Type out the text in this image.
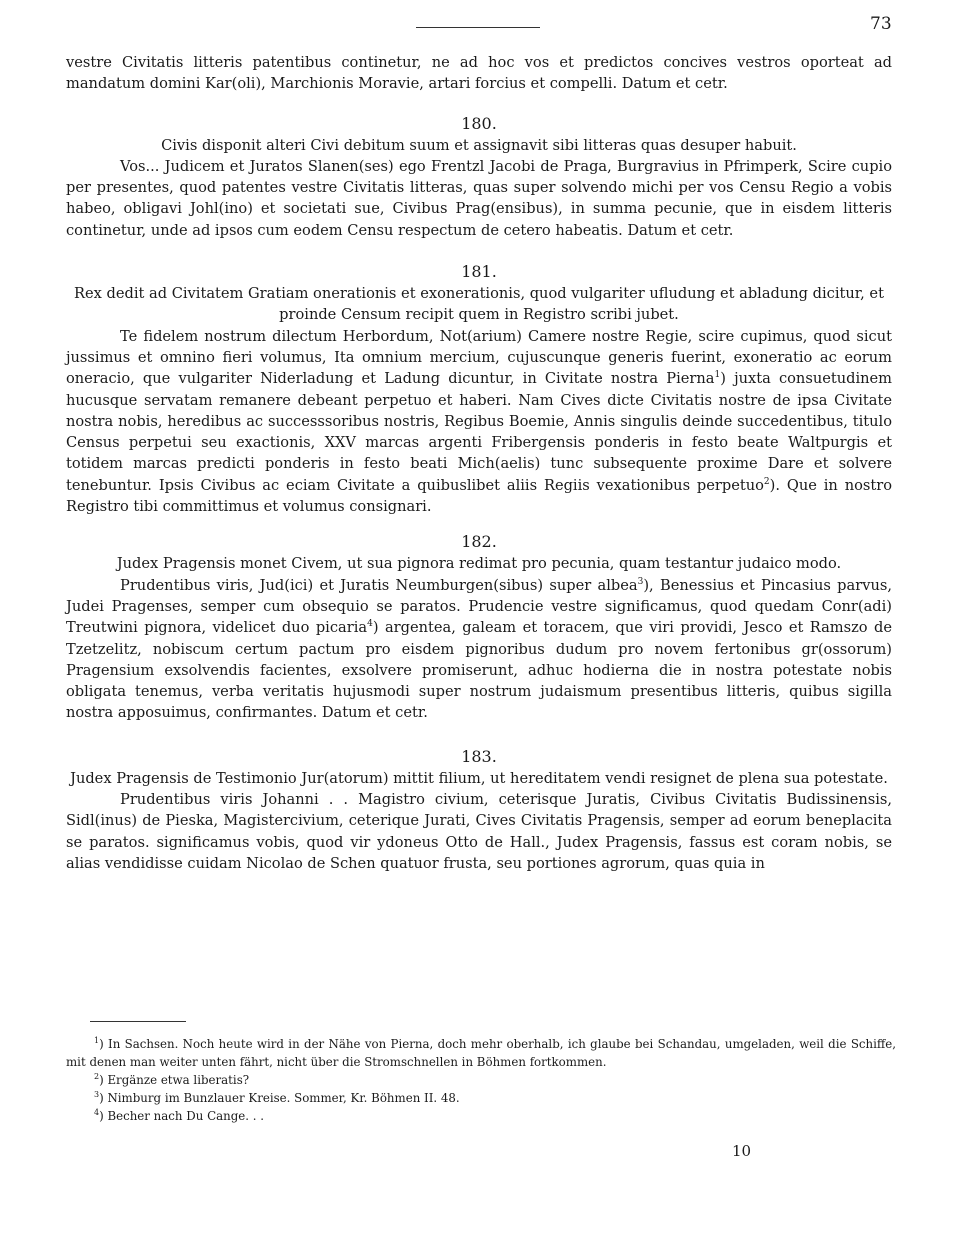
73

vestre Civitatis litteris patentibus continetur, ne ad hoc vos et predictos concives vestros oporteat ad mandatum domini Kar(oli), Marchionis Moravie, artari forcius et compelli. Datum et cetr.

180.

Civis disponit alteri Civi debitum suum et assignavit sibi litteras quas desuper habuit.

Vos... Judicem et Juratos Slanen(ses) ego Frentzl Jacobi de Praga, Burgravius in Pfrimperk, Scire cupio per presentes, quod patentes vestre Civitatis litteras, quas super solvendo michi per vos Censu Regio a vobis habeo, obligavi Johl(ino) et societati sue, Civibus Prag(ensibus), in summa pecunie, que in eisdem litteris continetur, unde ad ipsos cum eodem Censu respectum de cetero habeatis. Datum et cetr.

181.

Rex dedit ad Civitatem Gratiam onerationis et exonerationis, quod vulgariter ufludung et abladung dicitur, et proinde Censum recipit quem in Registro scribi jubet.

Te fidelem nostrum dilectum Herbordum, Not(arium) Camere nostre Regie, scire cupimus, quod sicut jussimus et omnino fieri volumus, Ita omnium mercium, cujuscunque generis fuerint, exoneratio ac eorum oneracio, que vulgariter Niderladung et Ladung dicuntur, in Civitate nostra Pierna$^1$) juxta consuetudinem hucusque servatam remanere debeant perpetuo et haberi. Nam Cives dicte Civitatis nostre de ipsa Civitate nostra nobis, heredibus ac successsoribus nostris, Regibus Boemie, Annis singulis deinde succedentibus, titulo Census perpetui seu exactionis, XXV marcas argenti Fribergensis ponderis in festo beate Waltpurgis et totidem marcas predicti ponderis in festo beati Mich(aelis) tunc subsequente proxime Dare et solvere tenebuntur. Ipsis Civibus ac eciam Civitate a quibuslibet aliis Regiis vexationibus perpetuo$^2$). Que in nostro Registro tibi committimus et volumus consignari.

182.

Judex Pragensis monet Civem, ut sua pignora redimat pro pecunia, quam testantur judaico modo.

Prudentibus viris, Jud(ici) et Juratis Neumburgen(sibus) super albea$^3$), Benessius et Pincasius parvus, Judei Pragenses, semper cum obsequio se paratos. Prudencie vestre significamus, quod quedam Conr(adi) Treutwini pignora, videlicet duo picaria$^4$) argentea, galeam et toracem, que viri providi, Jesco et Ramszo de Tzetzelitz, nobiscum certum pactum pro eisdem pignoribus dudum pro novem fertonibus gr(ossorum) Pragensium exsolvendis facientes, exsolvere promiserunt, adhuc hodierna die in nostra potestate nobis obligata tenemus, verba veritatis hujusmodi super nostrum judaismum presentibus litteris, quibus sigilla nostra apposuimus, confirmantes. Datum et cetr.

183.

Judex Pragensis de Testimonio Jur(atorum) mittit filium, ut hereditatem vendi resignet de plena sua potestate.

Prudentibus viris Johanni . . Magistro civium, ceterisque Juratis, Civibus Civitatis Budissinensis, Sidl(inus) de Pieska, Magistercivium, ceterique Jurati, Cives Civitatis Pragensis, semper ad eorum beneplacita se paratos. significamus vobis, quod vir ydoneus Otto de Hall., Judex Pragensis, fassus est coram nobis, se alias vendidisse cuidam Nicolao de Schen quatuor frusta, seu portiones agrorum, quas quia in

$^1$) In Sachsen. Noch heute wird in der Nähe von Pierna, doch mehr oberhalb, ich glaube bei Schandau, umgeladen, weil die Schiffe, mit denen man weiter unten fährt, nicht über die Stromschnellen in Böhmen fortkommen.

$^2$) Ergänze etwa liberatis?

$^3$) Nimburg im Bunzlauer Kreise. Sommer, Kr. Böhmen II. 48.

$^4$) Becher nach Du Cange. . .

10
